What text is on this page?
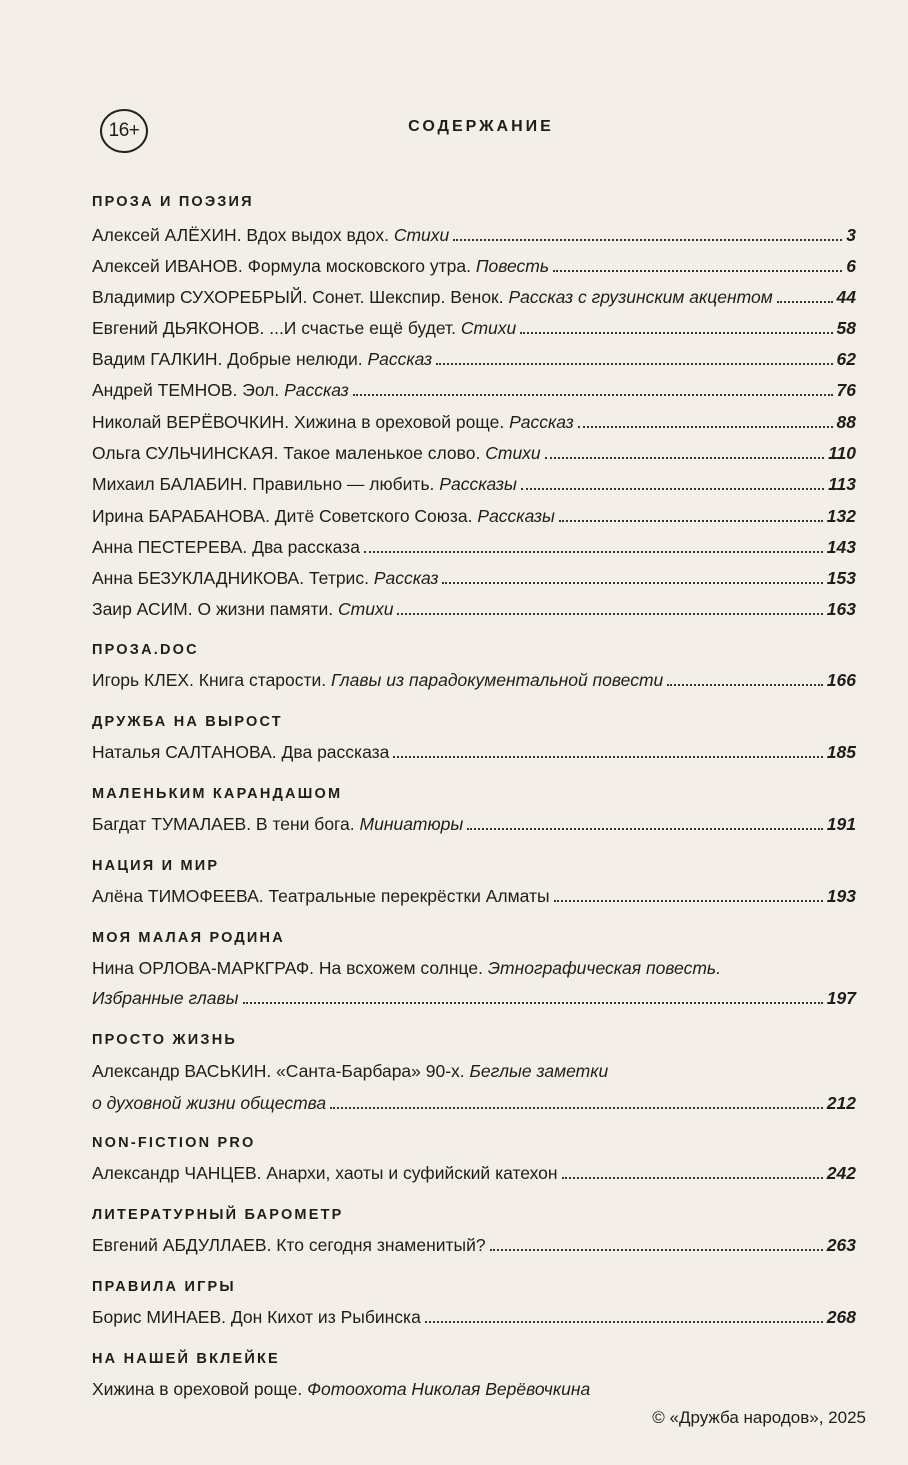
16+	СОДЕРЖАНИЕ
ПРОЗА И ПОЭЗИЯ
Алексей АЛЁХИН. Вдох выдох вдох. Стихи	3
Алексей ИВАНОВ. Формула московского утра. Повесть	6
Владимир СУХОРЕБРЫЙ. Сонет. Шекспир. Венок. Рассказ с грузинским акцентом	44
Евгений ДЬЯКОНОВ. ...И счастье ещё будет. Стихи	58
Вадим ГАЛКИН. Добрые нелюди. Рассказ	62
Андрей ТЕМНОВ. Эол. Рассказ	76
Николай ВЕРЁВОЧКИН. Хижина в ореховой роще. Рассказ	88
Ольга СУЛЬЧИНСКАЯ. Такое маленькое слово. Стихи	110
Михаил БАЛАБИН. Правильно — любить. Рассказы	113
Ирина БАРАБАНОВА. Дитё Советского Союза. Рассказы	132
Анна ПЕСТЕРЕВА. Два рассказа	143
Анна БЕЗУКЛАДНИКОВА. Тетрис. Рассказ	153
Заир АСИМ. О жизни памяти. Стихи	163
ПРОЗА.DOC
Игорь КЛЕХ. Книга старости. Главы из парадокументальной повести	166
ДРУЖБА НА ВЫРОСТ
Наталья САЛТАНОВА. Два рассказа	185
МАЛЕНЬКИМ КАРАНДАШОМ
Багдат ТУМАЛАЕВ. В тени бога. Миниатюры	191
НАЦИЯ И МИР
Алёна ТИМОФЕЕВА. Театральные перекрёстки Алматы	193
МОЯ МАЛАЯ РОДИНА
Нина ОРЛОВА-МАРКГРАФ. На всхожем солнце. Этнографическая повесть.
Избранные главы	197
ПРОСТО ЖИЗНЬ
Александр ВАСЬКИН. «Санта-Барбара» 90-х. Беглые заметки
о духовной жизни общества	212
NON-FICTION PRO
Александр ЧАНЦЕВ. Анархи, хаоты и суфийский катехон	242
ЛИТЕРАТУРНЫЙ БАРОМЕТР
Евгений АБДУЛЛАЕВ. Кто сегодня знаменитый?	263
ПРАВИЛА ИГРЫ
Борис МИНАЕВ. Дон Кихот из Рыбинска	268
НА НАШЕЙ ВКЛЕЙКЕ
Хижина в ореховой роще. Фотоохота Николая Верёвочкина
© «Дружба народов», 2025
